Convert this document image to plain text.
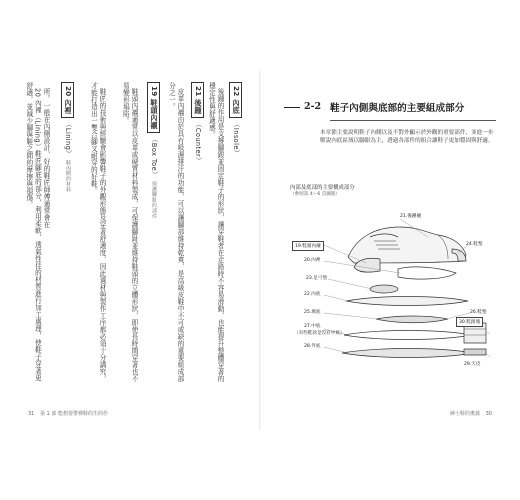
所。一般在內側設計，好的鞋匠師傅通常會在

20 內裡（Lining）鞋匠腳底的部分，利用柔軟、透氣性佳的材質進行加工處理，使鞋子穿著更舒適，並減少腳與鞋之間的摩擦與損傷。	20 內裡 （Lining） 鞋內側的材料	鞋匠的技術與經驗會影響鞋子的外觀形態及穿著舒適度，因此選材與製作工序都必須十分講究，才能打造出一雙合腳又耐穿的好鞋。	鞋頭內襯通常以皮革或硬質材料製成，可保護腳趾並維持鞋頭的立體形狀，即使長時間穿著也不易變形塌陷。	19 鞋頭內襯 （Box Toe） 保護腳趾的部件	皮革內襯由於具有吸濕排汗的功能，可以讓腳部維持乾爽，是高級皮鞋中不可或缺的重要組成部分之一。	21 後踵 （Counter）	後踵的作用是支撐腳跟並固定鞋子的形狀，讓穿鞋者在走路時不容易滑動，也能提升整體穿著的穩定性與舒適感。	22 內底 （Insole）
31 第 1 部 能想要帶裸鞋的生的作
2-2 鞋子內側與底部的主要組成部分
本章節主要說明鞋子內側以及不對外顯示於外觀的重要部件，並進一步解說內底區域以腳跟為主，透過各部件的組合讓鞋子更加穩固與舒適。
內部及底部的主要構成部分
（參照第 4～6 頁圖版）
21.後踵襯
19.鞋頭內襯	24.鞋墊
20.內裡
23.足弓墊
22.內底
25.填底	26.鞋墊
27.中底
（有些鞋款是沒有中底）
28.外底
30.鞋跟塊
29.天皮
紳士鞋的奧義 30
